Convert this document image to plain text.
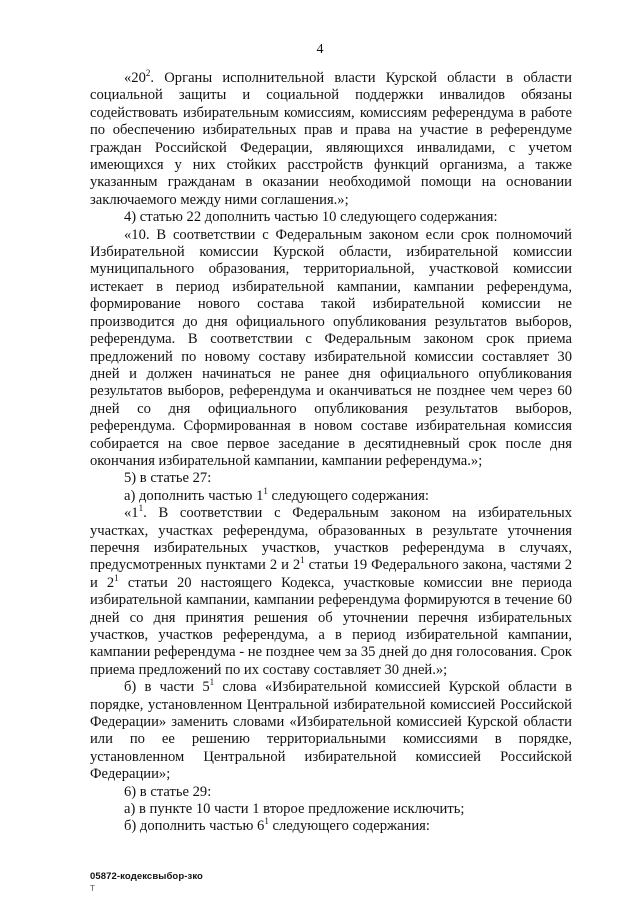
4

«$20^2$. Органы исполнительной власти Курской области в области социальной защиты и социальной поддержки инвалидов обязаны содействовать избирательным комиссиям, комиссиям референдума в работе по обеспечению избирательных прав и права на участие в референдуме граждан Российской Федерации, являющихся инвалидами, с учетом имеющихся у них стойких расстройств функций организма, а также указанным гражданам в оказании необходимой помощи на основании заключаемого между ними соглашения.»;

4) статью 22 дополнить частью 10 следующего содержания:

«10. В соответствии с Федеральным законом если срок полномочий Избирательной комиссии Курской области, избирательной комиссии муниципального образования, территориальной, участковой комиссии истекает в период избирательной кампании, кампании референдума, формирование нового состава такой избирательной комиссии не производится до дня официального опубликования результатов выборов, референдума. В соответствии с Федеральным законом срок приема предложений по новому составу избирательной комиссии составляет 30 дней и должен начинаться не ранее дня официального опубликования результатов выборов, референдума и оканчиваться не позднее чем через 60 дней со дня официального опубликования результатов выборов, референдума. Сформированная в новом составе избирательная комиссия собирается на свое первое заседание в десятидневный срок после дня окончания избирательной кампании, кампании референдума.»;

5) в статье 27:

а) дополнить частью $1^1$ следующего содержания:

«$1^1$. В соответствии с Федеральным законом на избирательных участках, участках референдума, образованных в результате уточнения перечня избирательных участков, участков референдума в случаях, предусмотренных пунктами 2 и $2^1$ статьи 19 Федерального закона, частями 2 и $2^1$ статьи 20 настоящего Кодекса, участковые комиссии вне периода избирательной кампании, кампании референдума формируются в течение 60 дней со дня принятия решения об уточнении перечня избирательных участков, участков референдума, а в период избирательной кампании, кампании референдума - не позднее чем за 35 дней до дня голосования. Срок приема предложений по их составу составляет 30 дней.»;

б) в части $5^1$ слова «Избирательной комиссией Курской области в порядке, установленном Центральной избирательной комиссией Российской Федерации» заменить словами «Избирательной комиссией Курской области или по ее решению территориальными комиссиями в порядке, установленном Центральной избирательной комиссией Российской Федерации»;

6) в статье 29:

а) в пункте 10 части 1 второе предложение исключить;

б) дополнить частью $6^1$ следующего содержания:

05872-кодексвыбор-зко
Т
